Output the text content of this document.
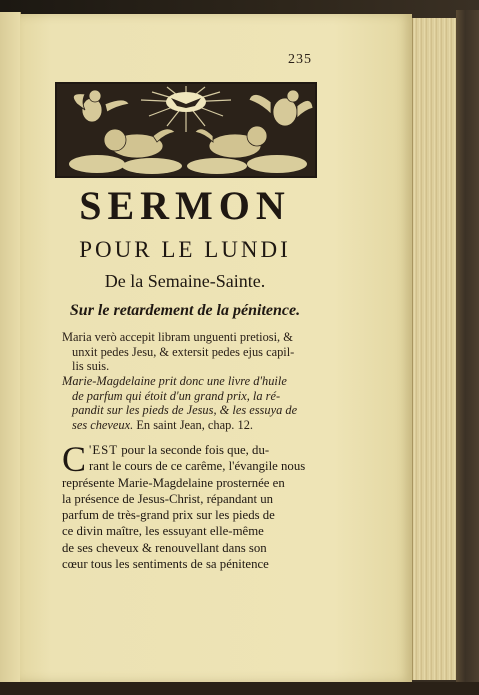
235
SERMON
POUR LE LUNDI
De la Semaine-Sainte.
Sur le retardement de la pénitence.
Maria verò accepit libram unguenti pretiosi, &
unxit pedes Jesu, & extersit pedes ejus capil-
lis suis.
Marie-Magdelaine prit donc une livre d'huile
de parfum qui étoit d'un grand prix, la ré-
pandit sur les pieds de Jesus, & les essuya de
ses cheveux. En saint Jean, chap. 12.
C 'EST pour la seconde fois que, du-
rant le cours de ce carême, l'évangile nous
représente Marie-Magdelaine prosternée en
la présence de Jesus-Christ, répandant un
parfum de très-grand prix sur les pieds de
ce divin maître, les essuyant elle-même
de ses cheveux & renouvellant dans son
cœur tous les sentiments de sa pénitence
